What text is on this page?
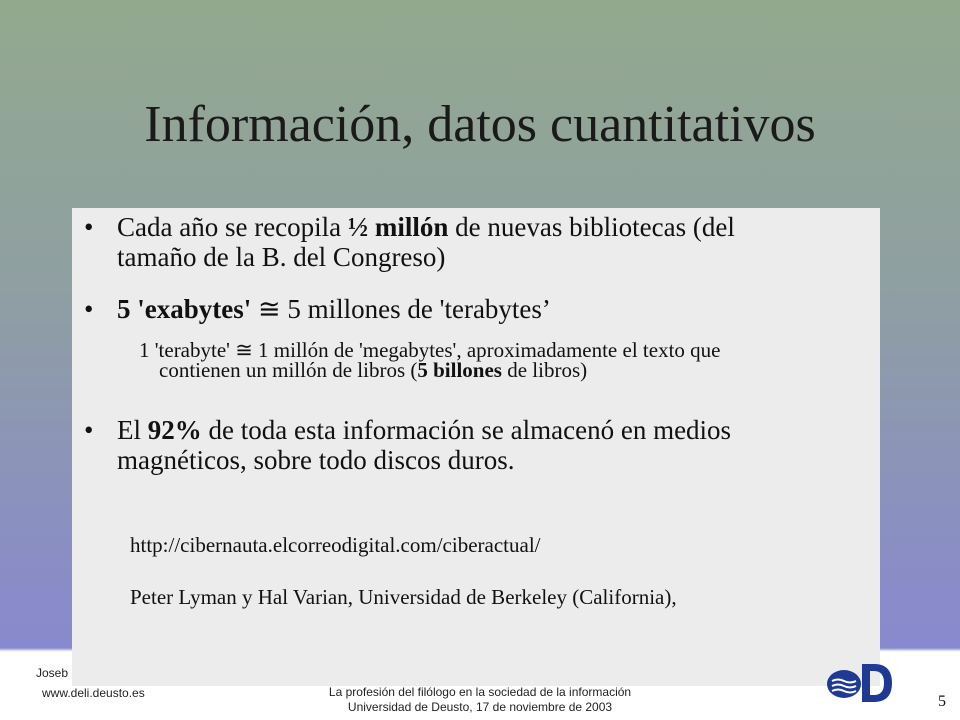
Información, datos cuantitativos
• Cada año se recopila ½ millón de nuevas bibliotecas (del
tamaño de la B. del Congreso)
• 5 'exabytes' ≅ 5 millones de 'terabytes’
1 'terabyte' ≅ 1 millón de 'megabytes', aproximadamente el texto que
contienen un millón de libros (5 billones de libros)
• El 92% de toda esta información se almacenó en medios
magnéticos, sobre todo discos duros.
http://cibernauta.elcorreodigital.com/ciberactual/
Peter Lyman y Hal Varian, Universidad de Berkeley (California),
Joseb
www.deli.deusto.es	La profesión del filólogo en la sociedad de la información
Universidad de Deusto, 17 de noviembre de 2003	5
